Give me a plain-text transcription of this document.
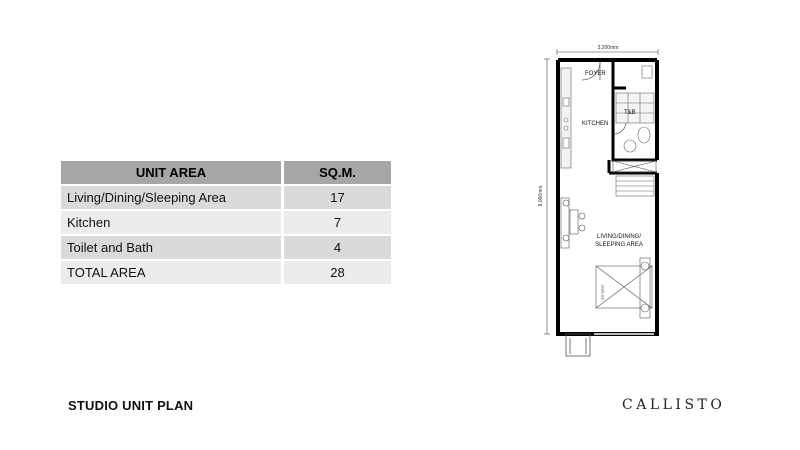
UNIT AREA	SQ.M.
Living/Dining/Sleeping Area	17
Kitchen	7
Toilet and Bath	4
TOTAL AREA	28
STUDIO UNIT PLAN	CALLISTO
3,200mm
9,066mm
4'5"X6'6"
FOYER
T&B
KITCHEN
LIVING/DINING/
SLEEPING AREA
